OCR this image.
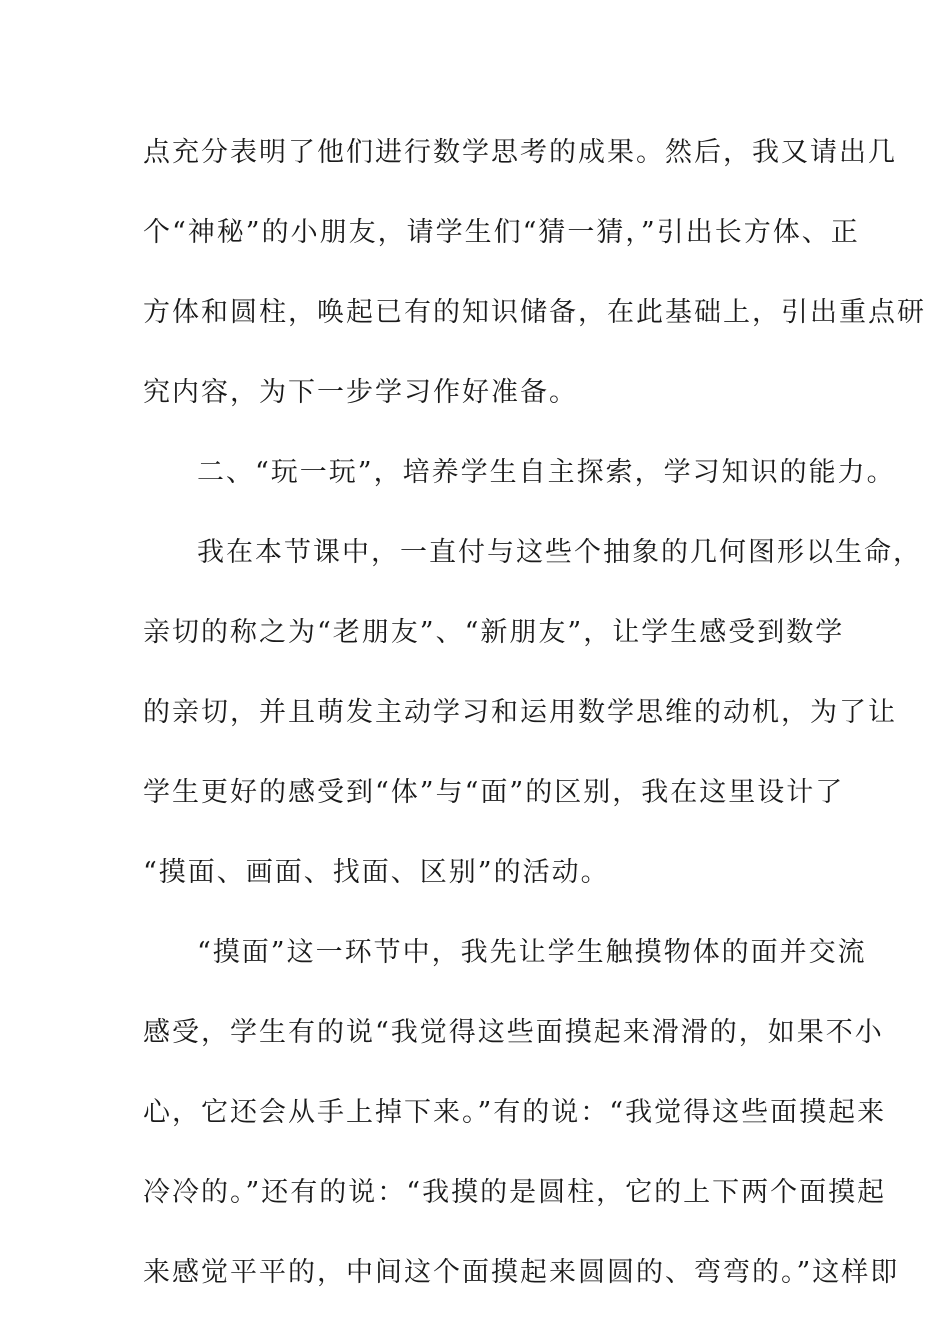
点充分表明了他们进行数学思考的成果。然后，我又请出几
个“神秘”的小朋友，请学生们“猜一猜，”引出长方体、正
方体和圆柱，唤起已有的知识储备，在此基础上，引出重点研
究内容，为下一步学习作好准备。
二、“玩一玩”，培养学生自主探索，学习知识的能力。
我在本节课中，一直付与这些个抽象的几何图形以生命，
亲切的称之为“老朋友”、“新朋友”，让学生感受到数学
的亲切，并且萌发主动学习和运用数学思维的动机，为了让
学生更好的感受到“体”与“面”的区别，我在这里设计了
“摸面、画面、找面、区别”的活动。
“摸面”这一环节中，我先让学生触摸物体的面并交流
感受，学生有的说“我觉得这些面摸起来滑滑的，如果不小
心，它还会从手上掉下来。”有的说：“我觉得这些面摸起来
冷冷的。”还有的说：“我摸的是圆柱，它的上下两个面摸起
来感觉平平的，中间这个面摸起来圆圆的、弯弯的。”这样即
